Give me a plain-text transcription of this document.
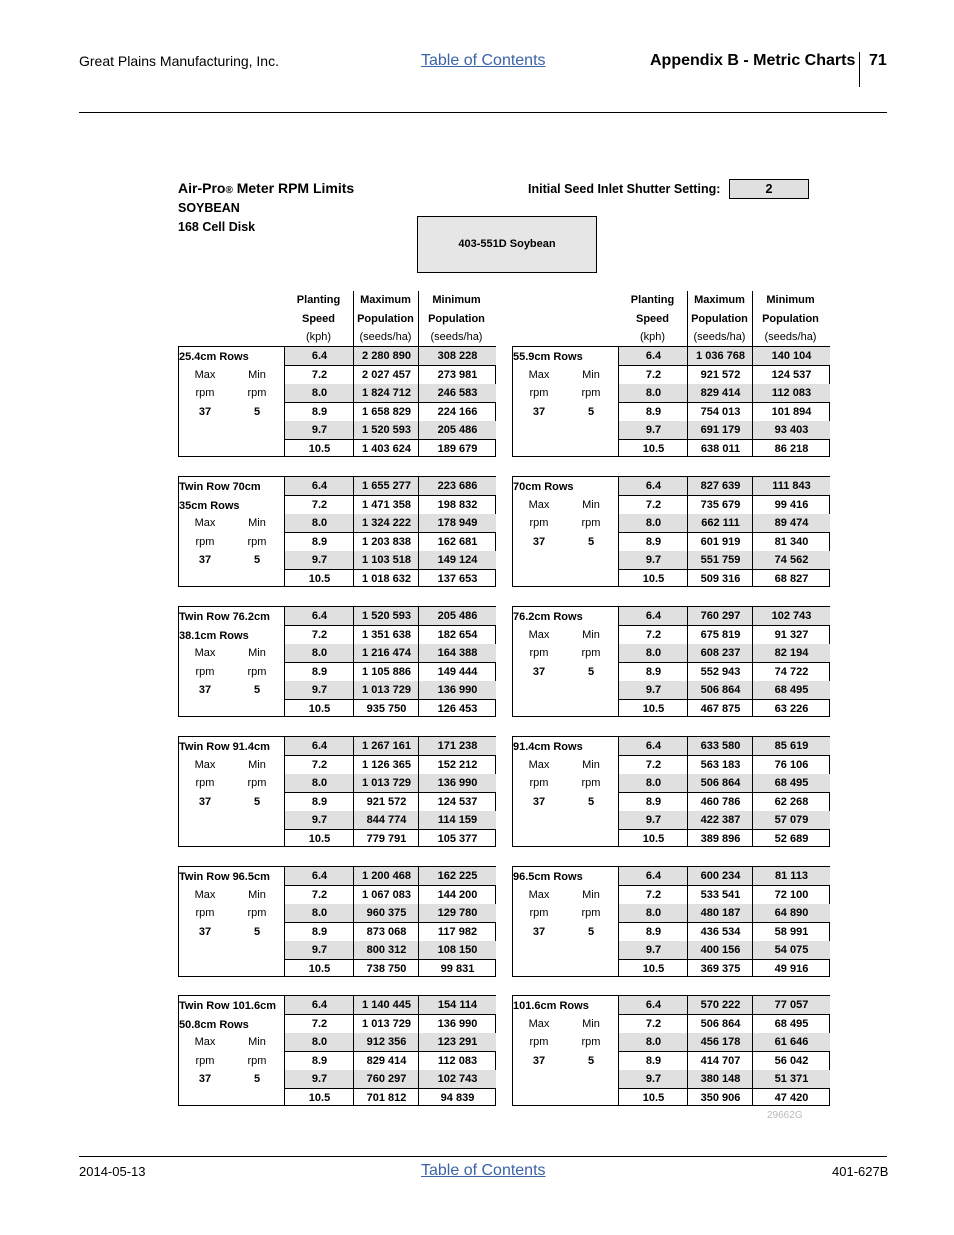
Great Plains Manufacturing, Inc.	Table of Contents	Appendix B - Metric Charts 71
Air-Pro® Meter RPM Limits
SOYBEAN
168 Cell Disk
Initial Seed Inlet Shutter Setting:	2
403-551D Soybean
Planting
Speed
(kph)
Maximum
Population
(seeds/ha)
Minimum
Population
(seeds/ha)
Planting
Speed
(kph)
Maximum
Population
(seeds/ha)
Minimum
Population
(seeds/ha)
25.4cm Rows
Max	Min
rpm	rpm
37	5
6.4	2 280 890	308 228
7.2	2 027 457	273 981
8.0	1 824 712	246 583
8.9	1 658 829	224 166
9.7	1 520 593	205 486
10.5	1 403 624	189 679
Twin Row 70cm
35cm Rows
Max	Min
rpm	rpm
37	5
6.4	1 655 277	223 686
7.2	1 471 358	198 832
8.0	1 324 222	178 949
8.9	1 203 838	162 681
9.7	1 103 518	149 124
10.5	1 018 632	137 653
Twin Row 76.2cm
38.1cm Rows
Max	Min
rpm	rpm
37	5
6.4	1 520 593	205 486
7.2	1 351 638	182 654
8.0	1 216 474	164 388
8.9	1 105 886	149 444
9.7	1 013 729	136 990
10.5	935 750	126 453
Twin Row 91.4cm
Max	Min
rpm	rpm
37	5
6.4	1 267 161	171 238
7.2	1 126 365	152 212
8.0	1 013 729	136 990
8.9	921 572	124 537
9.7	844 774	114 159
10.5	779 791	105 377
Twin Row 96.5cm
Max	Min
rpm	rpm
37	5
6.4	1 200 468	162 225
7.2	1 067 083	144 200
8.0	960 375	129 780
8.9	873 068	117 982
9.7	800 312	108 150
10.5	738 750	99 831
Twin Row 101.6cm
50.8cm Rows
Max	Min
rpm	rpm
37	5
6.4	1 140 445	154 114
7.2	1 013 729	136 990
8.0	912 356	123 291
8.9	829 414	112 083
9.7	760 297	102 743
10.5	701 812	94 839
55.9cm Rows
Max	Min
rpm	rpm
37	5
6.4	1 036 768	140 104
7.2	921 572	124 537
8.0	829 414	112 083
8.9	754 013	101 894
9.7	691 179	93 403
10.5	638 011	86 218
70cm Rows
Max	Min
rpm	rpm
37	5
6.4	827 639	111 843
7.2	735 679	99 416
8.0	662 111	89 474
8.9	601 919	81 340
9.7	551 759	74 562
10.5	509 316	68 827
76.2cm Rows
Max	Min
rpm	rpm
37	5
6.4	760 297	102 743
7.2	675 819	91 327
8.0	608 237	82 194
8.9	552 943	74 722
9.7	506 864	68 495
10.5	467 875	63 226
91.4cm Rows
Max	Min
rpm	rpm
37	5
6.4	633 580	85 619
7.2	563 183	76 106
8.0	506 864	68 495
8.9	460 786	62 268
9.7	422 387	57 079
10.5	389 896	52 689
96.5cm Rows
Max	Min
rpm	rpm
37	5
6.4	600 234	81 113
7.2	533 541	72 100
8.0	480 187	64 890
8.9	436 534	58 991
9.7	400 156	54 075
10.5	369 375	49 916
101.6cm Rows
Max	Min
rpm	rpm
37	5
6.4	570 222	77 057
7.2	506 864	68 495
8.0	456 178	61 646
8.9	414 707	56 042
9.7	380 148	51 371
10.5	350 906	47 420
29662G
2014-05-13	Table of Contents	401-627B
